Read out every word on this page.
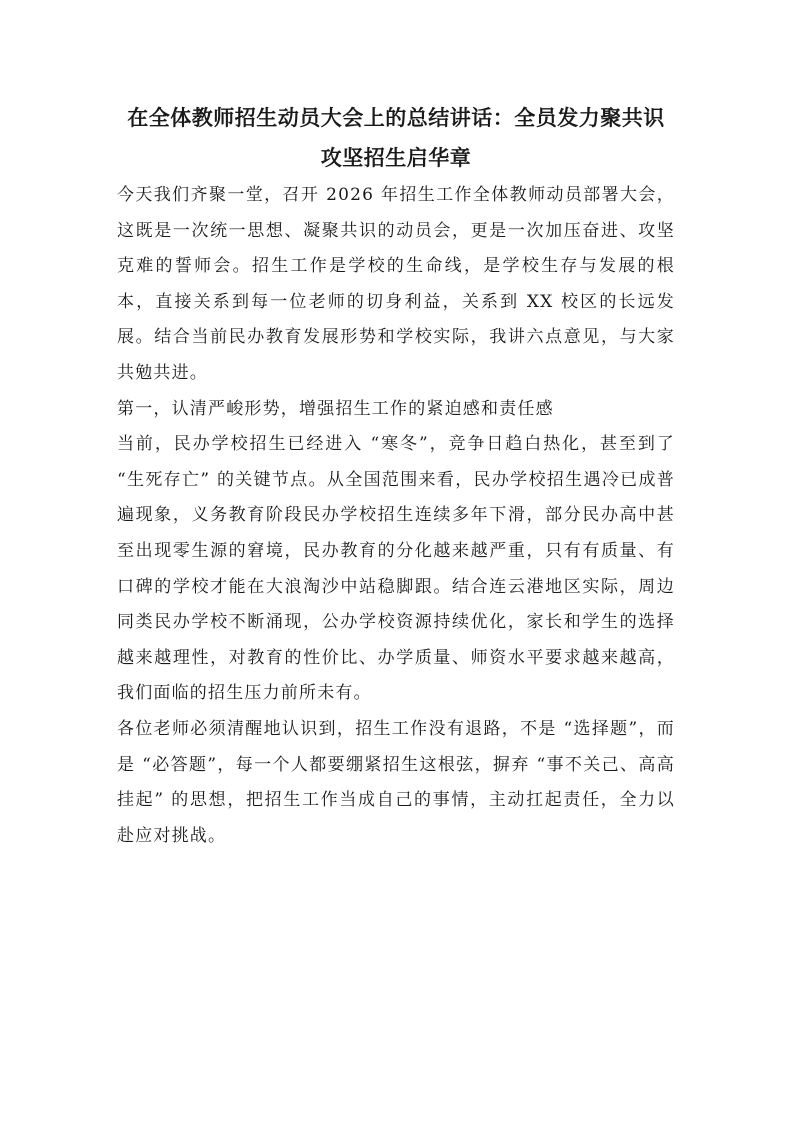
在全体教师招生动员大会上的总结讲话：全员发力聚共识 攻坚招生启华章

今天我们齐聚一堂，召开 2026 年招生工作全体教师动员部署大会，这既是一次统一思想、凝聚共识的动员会，更是一次加压奋进、攻坚克难的誓师会。招生工作是学校的生命线，是学校生存与发展的根本，直接关系到每一位老师的切身利益，关系到 XX 校区的长远发展。结合当前民办教育发展形势和学校实际，我讲六点意见，与大家共勉共进。

第一，认清严峻形势，增强招生工作的紧迫感和责任感

当前，民办学校招生已经进入 “寒冬”，竞争日趋白热化，甚至到了 “生死存亡” 的关键节点。从全国范围来看，民办学校招生遇冷已成普遍现象，义务教育阶段民办学校招生连续多年下滑，部分民办高中甚至出现零生源的窘境，民办教育的分化越来越严重，只有有质量、有口碑的学校才能在大浪淘沙中站稳脚跟。结合连云港地区实际，周边同类民办学校不断涌现，公办学校资源持续优化，家长和学生的选择越来越理性，对教育的性价比、办学质量、师资水平要求越来越高，我们面临的招生压力前所未有。

各位老师必须清醒地认识到，招生工作没有退路，不是 “选择题”，而是 “必答题”，每一个人都要绷紧招生这根弦，摒弃 “事不关己、高高挂起” 的思想，把招生工作当成自己的事情，主动扛起责任，全力以赴应对挑战。
